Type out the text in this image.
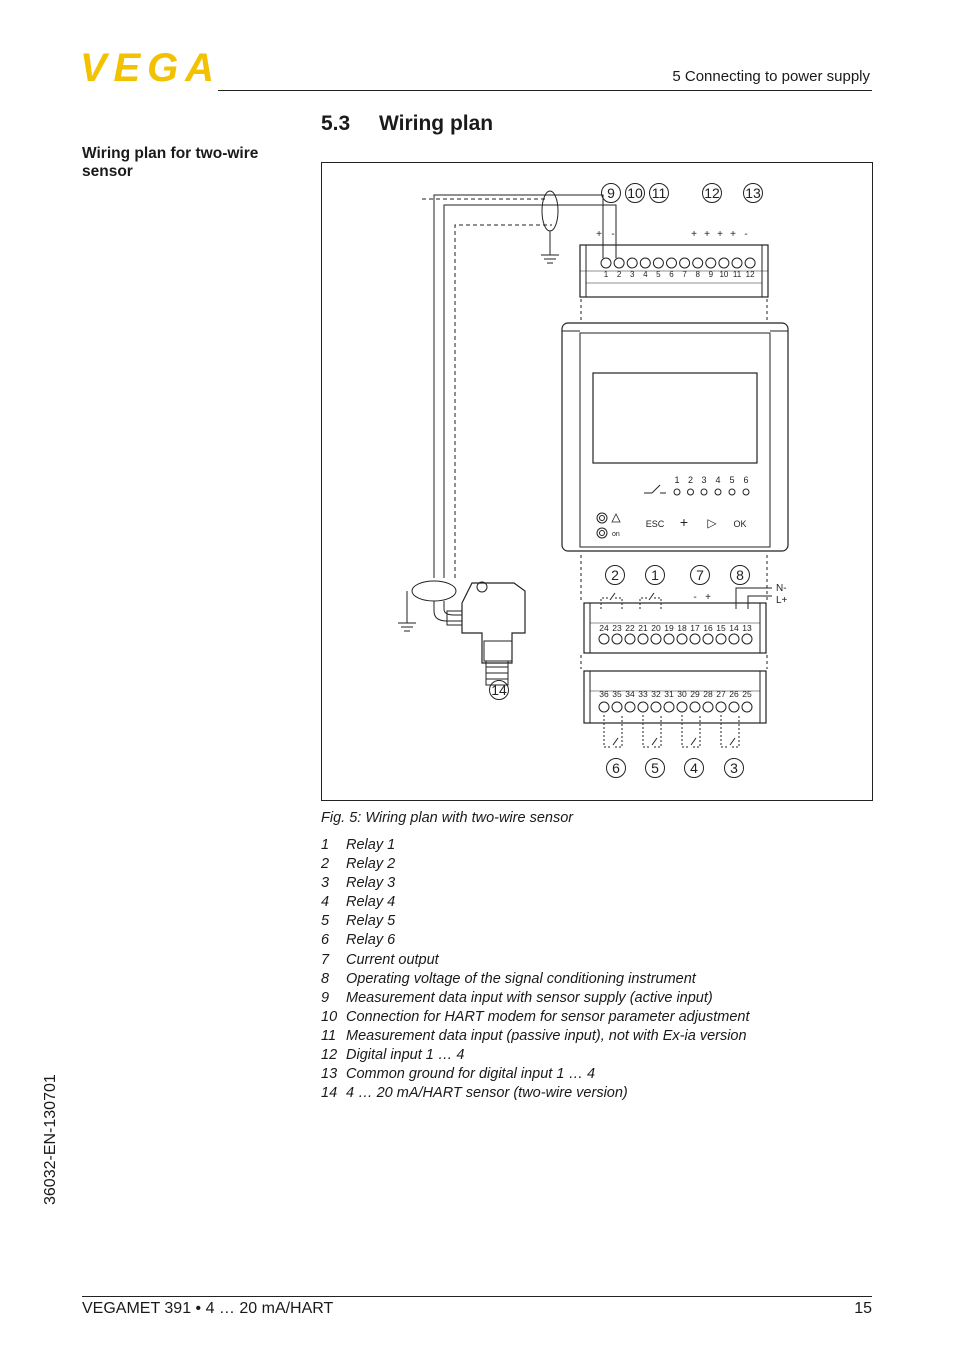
VEGA	5 Connecting to power supply
5.3 Wiring plan
Wiring plan for two-wire sensor
9 10 11	12 13
2 1	7 8
6 5 4 3
14
1 2 3 4 5 6 7 8 9 10 11 12
+ -	+ + + + -
1 2 3 4 5 6
ESC + ▷ OK
on
24 23 22 21 20 19 18 17 16 15 14 13
- +
N-
L+
36 35 34 33 32 31 30 29 28 27 26 25
Fig. 5: Wiring plan with two-wire sensor
1 Relay 1
2 Relay 2
3 Relay 3
4 Relay 4
5 Relay 5
6 Relay 6
7 Current output
8 Operating voltage of the signal conditioning instrument
9 Measurement data input with sensor supply (active input)
10 Connection for HART modem for sensor parameter adjustment
11 Measurement data input (passive input), not with Ex-ia version
12 Digital input 1 … 4
13 Common ground for digital input 1 … 4
14 4 … 20 mA/HART sensor (two-wire version)
36032-EN-130701
VEGAMET 391 • 4 … 20 mA/HART	15
